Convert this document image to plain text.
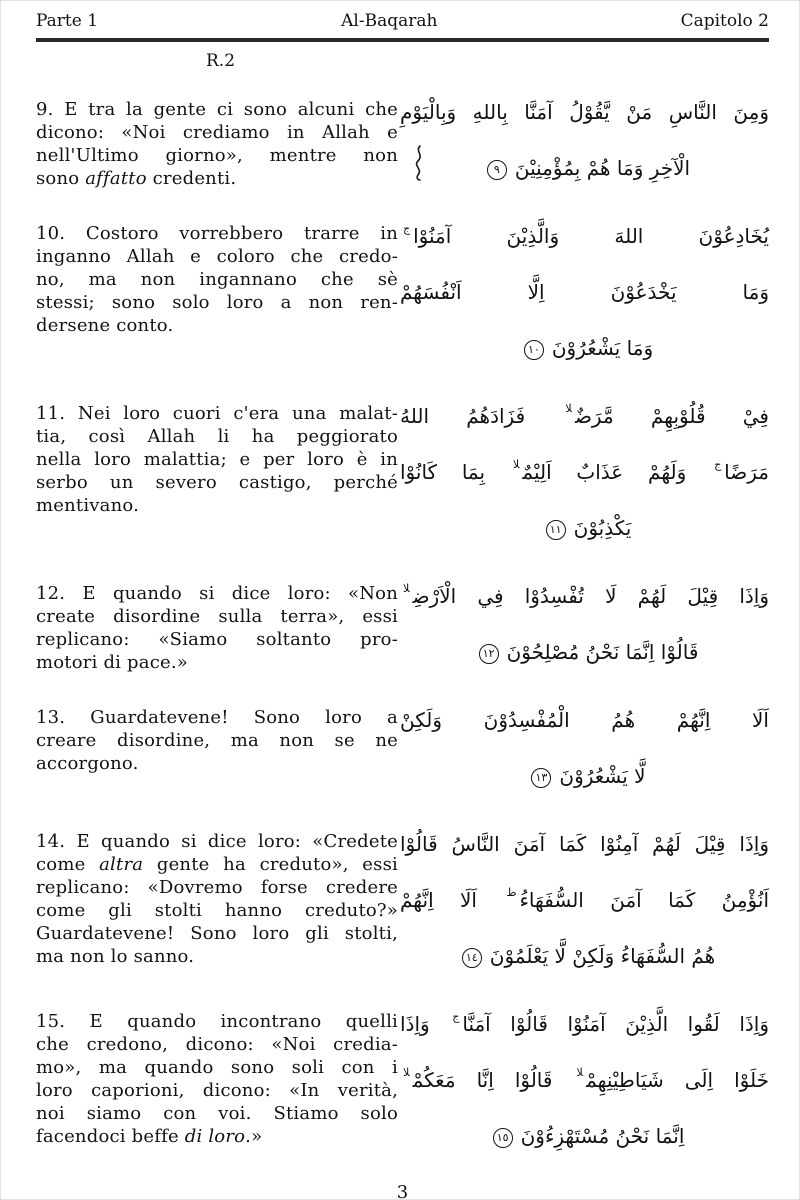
Parte 1	Al-Baqarah	Capitolo 2
R.2
9. E tra la gente ci sono alcuni che
dicono: «Noi crediamo in Allah e
nell'Ultimo giorno», mentre non
sono affatto credenti.
وَمِنَ النَّاسِ مَنْ يَّقُوْلُ آمَنَّا بِاللهِ وَبِالْيَوْمِ
الْآخِرِ وَمَا هُمْ بِمُؤْمِنِيْنَ٩
10. Costoro vorrebbero trarre in
inganno Allah e coloro che credo-
no, ma non ingannano che sè
stessi; sono solo loro a non ren-
dersene conto.
يُخَادِعُوْنَ اللهَ وَالَّذِيْنَ آمَنُوْا$^ج$
وَمَا يَخْدَعُوْنَ اِلَّا اَنْفُسَهُمْ
وَمَا يَشْعُرُوْنَ١٠
11. Nei loro cuori c'era una malat-
tia, così Allah li ha peggiorato
nella loro malattia; e per loro è in
serbo un severo castigo, perché
mentivano.
فِيْ قُلُوْبِهِمْ مَّرَضٌ$^{لا}$ فَزَادَهُمُ اللهُ
مَرَضًا$^ج$ وَلَهُمْ عَذَابٌ اَلِيْمٌ$^{لا}$ بِمَا كَانُوْا
يَكْذِبُوْنَ١١
12. E quando si dice loro: «Non
create disordine sulla terra», essi
replicano: «Siamo soltanto pro-
motori di pace.»
وَاِذَا قِيْلَ لَهُمْ لَا تُفْسِدُوْا فِي الْاَرْضِ$^{لا}$
قَالُوْا اِنَّمَا نَحْنُ مُصْلِحُوْنَ١٢
13. Guardatevene! Sono loro a
creare disordine, ma non se ne
accorgono.
اَلَا اِنَّهُمْ هُمُ الْمُفْسِدُوْنَ وَلَكِنْ
لَّا يَشْعُرُوْنَ١٣
14. E quando si dice loro: «Credete
come altra gente ha creduto», essi
replicano: «Dovremo forse credere
come gli stolti hanno creduto?»
Guardatevene! Sono loro gli stolti,
ma non lo sanno.
وَاِذَا قِيْلَ لَهُمْ آمِنُوْا كَمَا آمَنَ النَّاسُ قَالُوْا
اَنُؤْمِنُ كَمَا آمَنَ السُّفَهَاءُ$^ط$ اَلَا اِنَّهُمْ
هُمُ السُّفَهَاءُ وَلَكِنْ لَّا يَعْلَمُوْنَ١٤
15. E quando incontrano quelli
che credono, dicono: «Noi credia-
mo», ma quando sono soli con i
loro caporioni, dicono: «In verità,
noi siamo con voi. Stiamo solo
facendoci beffe di loro.»
وَاِذَا لَقُوا الَّذِيْنَ آمَنُوْا قَالُوْا آمَنَّا$^ج$ وَاِذَا
خَلَوْا اِلَى شَيَاطِيْنِهِمْ$^{لا}$ قَالُوْا اِنَّا مَعَكُمْ$^{لا}$
اِنَّمَا نَحْنُ مُسْتَهْزِءُوْنَ١٥
3
